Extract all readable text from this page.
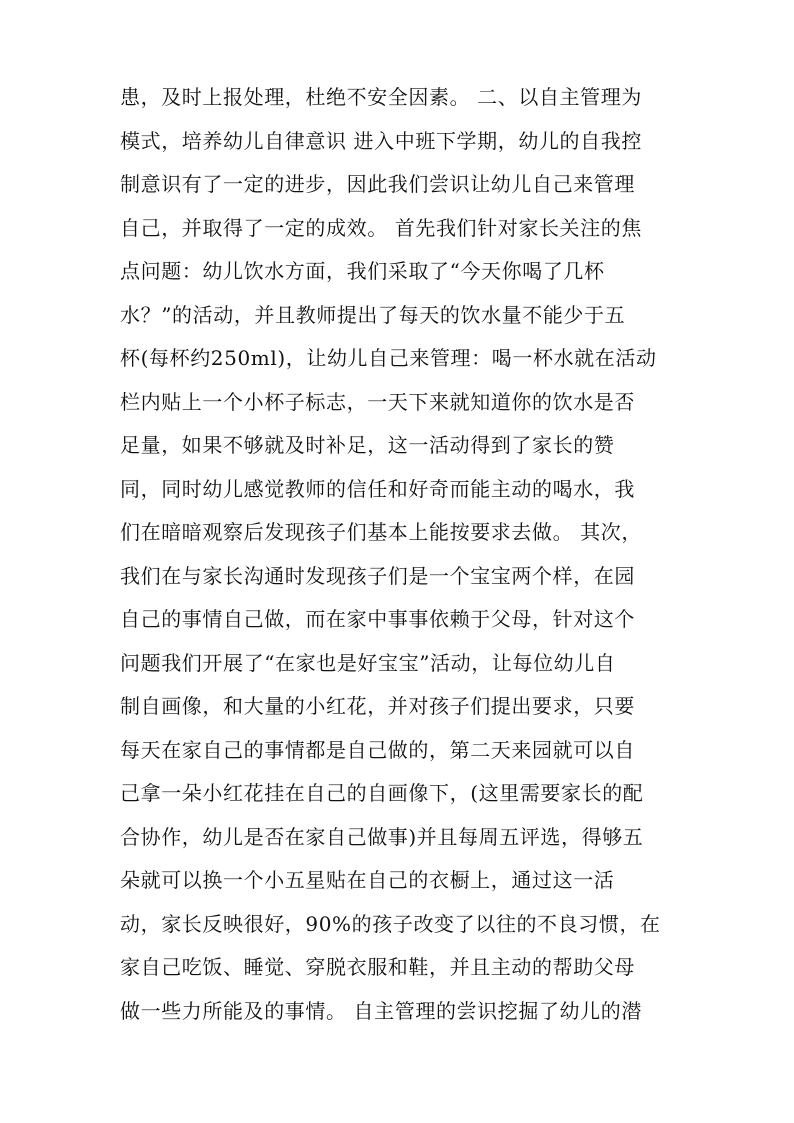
患，及时上报处理，杜绝不安全因素。 二、以自主管理为
模式，培养幼儿自律意识 进入中班下学期，幼儿的自我控
制意识有了一定的进步，因此我们尝识让幼儿自己来管理
自己，并取得了一定的成效。 首先我们针对家长关注的焦
点问题：幼儿饮水方面，我们采取了“今天你喝了几杯
水？”的活动，并且教师提出了每天的饮水量不能少于五
杯(每杯约250ml)，让幼儿自己来管理：喝一杯水就在活动
栏内贴上一个小杯子标志，一天下来就知道你的饮水是否
足量，如果不够就及时补足，这一活动得到了家长的赞
同，同时幼儿感觉教师的信任和好奇而能主动的喝水，我
们在暗暗观察后发现孩子们基本上能按要求去做。 其次，
我们在与家长沟通时发现孩子们是一个宝宝两个样，在园
自己的事情自己做，而在家中事事依赖于父母，针对这个
问题我们开展了“在家也是好宝宝”活动，让每位幼儿自
制自画像，和大量的小红花，并对孩子们提出要求，只要
每天在家自己的事情都是自己做的，第二天来园就可以自
己拿一朵小红花挂在自己的自画像下，(这里需要家长的配
合协作，幼儿是否在家自己做事)并且每周五评选，得够五
朵就可以换一个小五星贴在自己的衣橱上，通过这一活
动，家长反映很好，90%的孩子改变了以往的不良习惯，在
家自己吃饭、睡觉、穿脱衣服和鞋，并且主动的帮助父母
做一些力所能及的事情。 自主管理的尝识挖掘了幼儿的潜
